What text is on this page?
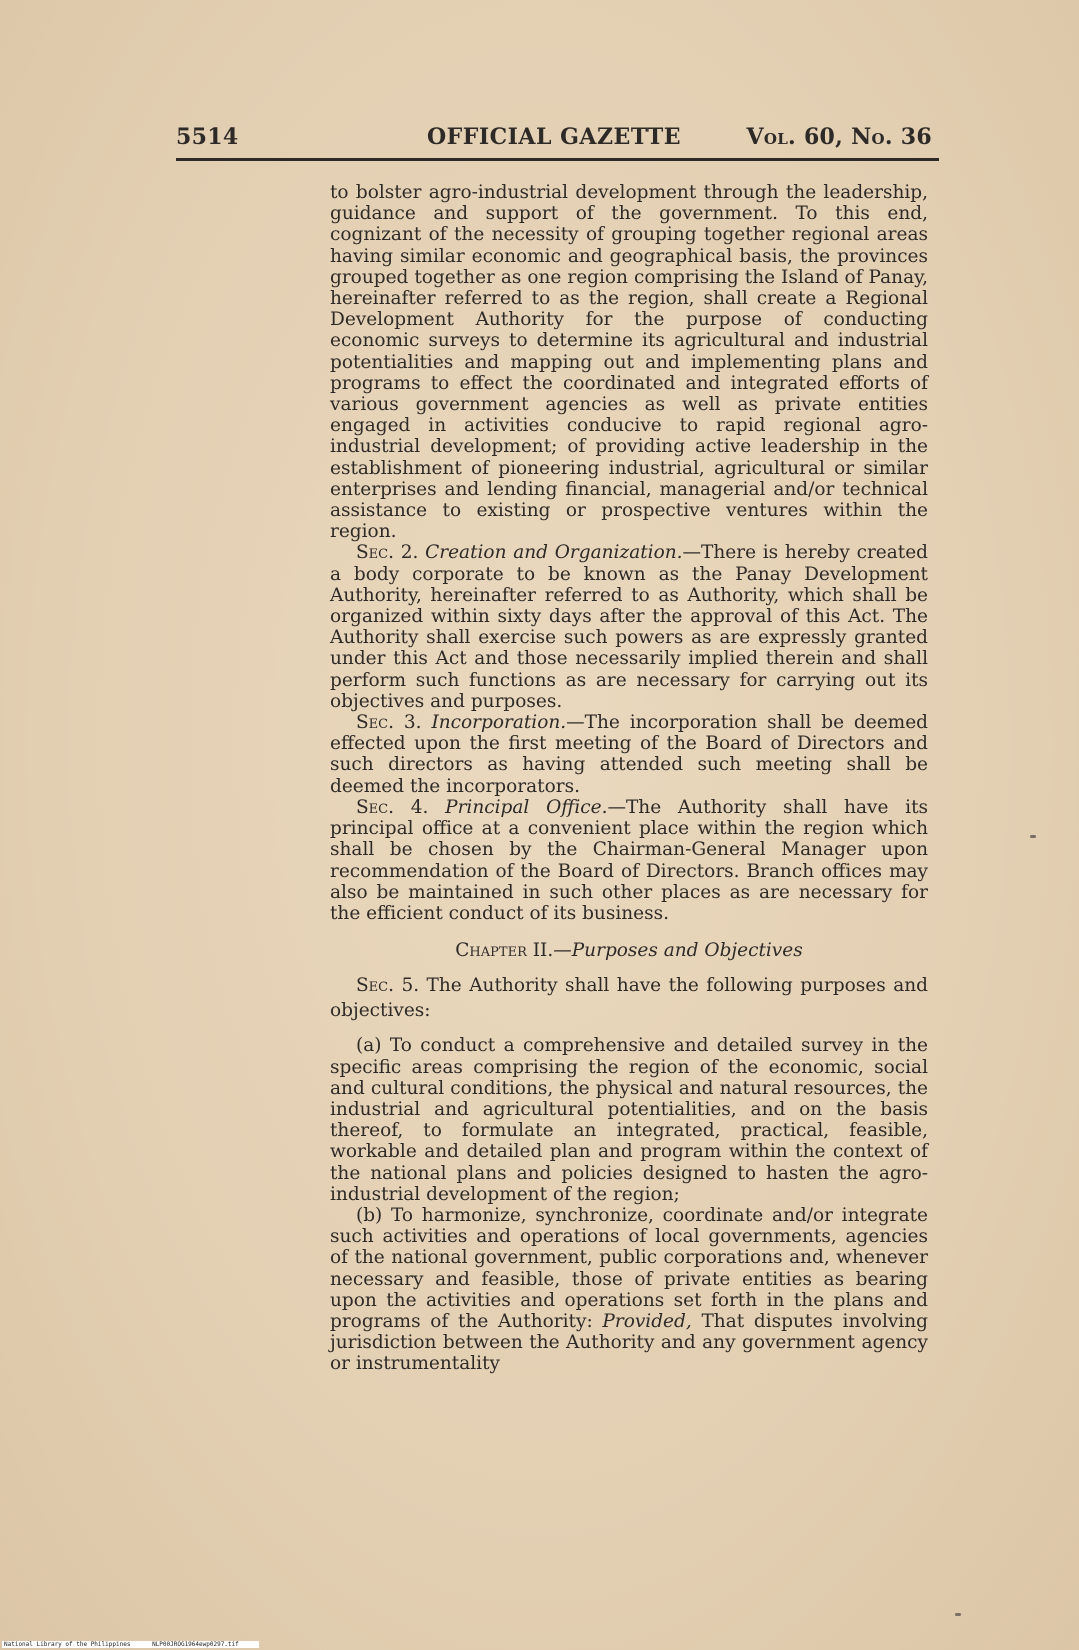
5514	OFFICIAL GAZETTE	Vol. 60, No. 36

to bolster agro-industrial development through the leadership, guidance and support of the government. To this end, cognizant of the necessity of grouping together regional areas having similar economic and geographical basis, the provinces grouped together as one region comprising the Island of Panay, hereinafter referred to as the region, shall create a Regional Development Authority for the purpose of conducting economic surveys to determine its agricultural and industrial potentialities and mapping out and implementing plans and programs to effect the coordinated and integrated efforts of various government agencies as well as private entities engaged in activities conducive to rapid regional agro-industrial development; of providing active leadership in the establishment of pioneering industrial, agricultural or similar enterprises and lending financial, managerial and/or technical assistance to existing or prospective ventures within the region.

Sec. 2. Creation and Organization.—There is hereby created a body corporate to be known as the Panay Development Authority, hereinafter referred to as Authority, which shall be organized within sixty days after the approval of this Act. The Authority shall exercise such powers as are expressly granted under this Act and those necessarily implied therein and shall perform such functions as are necessary for carrying out its objectives and purposes.

Sec. 3. Incorporation.—The incorporation shall be deemed effected upon the first meeting of the Board of Directors and such directors as having attended such meeting shall be deemed the incorporators.

Sec. 4. Principal Office.—The Authority shall have its principal office at a convenient place within the region which shall be chosen by the Chairman-General Manager upon recommendation of the Board of Directors. Branch offices may also be maintained in such other places as are necessary for the efficient conduct of its business.

Chapter II.—Purposes and Objectives

Sec. 5. The Authority shall have the following purposes and objectives:

(a) To conduct a comprehensive and detailed survey in the specific areas comprising the region of the economic, social and cultural conditions, the physical and natural resources, the industrial and agricultural potentialities, and on the basis thereof, to formulate an integrated, practical, feasible, workable and detailed plan and program within the context of the national plans and policies designed to hasten the agro-industrial development of the region;

(b) To harmonize, synchronize, coordinate and/or integrate such activities and operations of local governments, agencies of the national government, public corporations and, whenever necessary and feasible, those of private entities as bearing upon the activities and operations set forth in the plans and programs of the Authority: Provided, That disputes involving jurisdiction between the Authority and any government agency or instrumentality

National Library of the Philippines	NLP00JROG1964ewp0297.tif
